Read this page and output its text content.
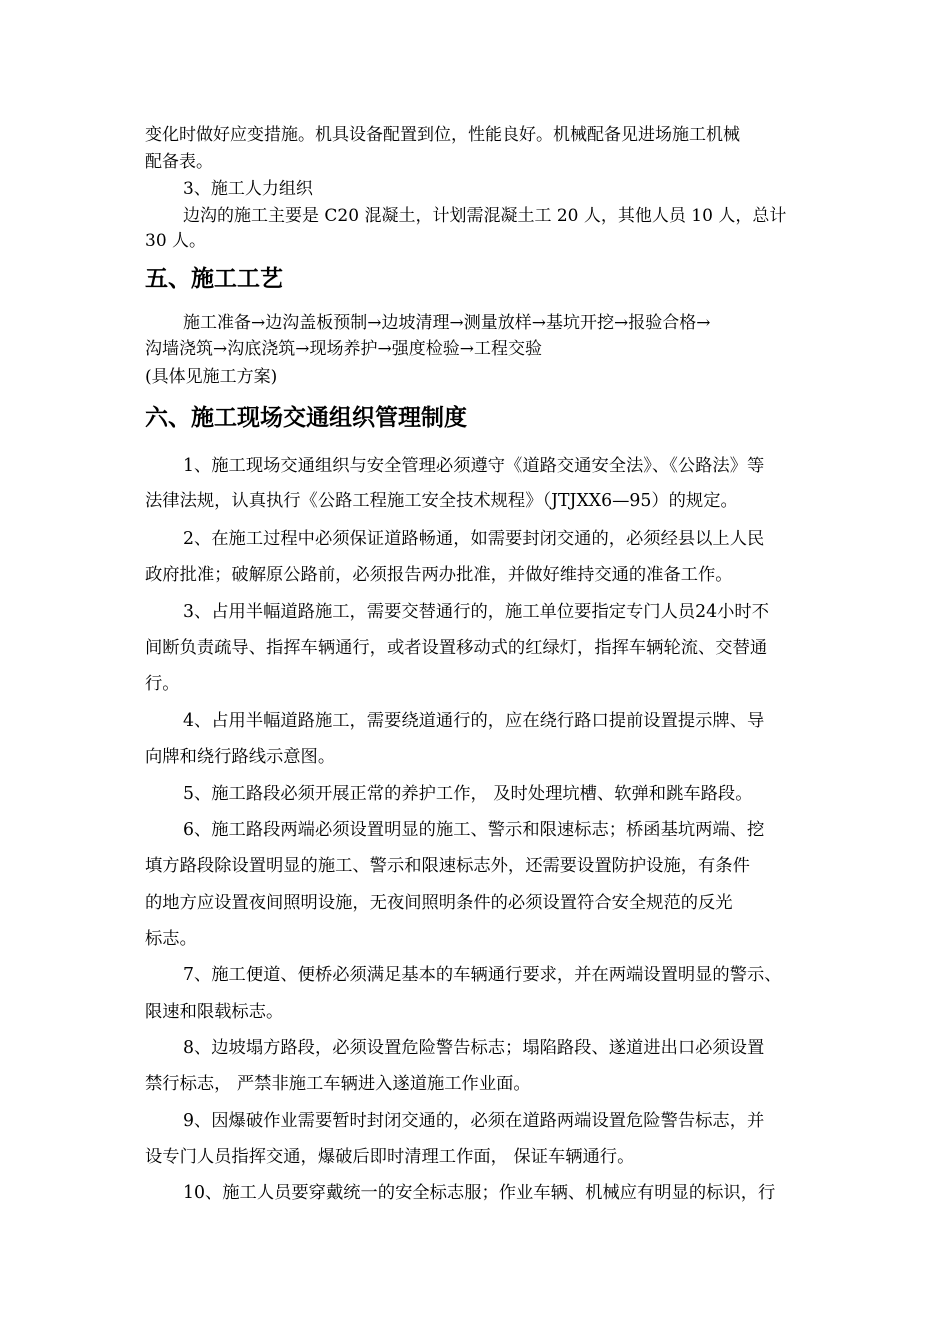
变化时做好应变措施。机具设备配置到位，性能良好。机械配备见进场施工机械
配备表。
3、施工人力组织
边沟的施工主要是 C20 混凝土，计划需混凝土工 20 人，其他人员 10 人，总计
30 人。
五、施工工艺
施工准备→边沟盖板预制→边坡清理→测量放样→基坑开挖→报验合格→
沟墙浇筑→沟底浇筑→现场养护→强度检验→工程交验
(具体见施工方案)
六、施工现场交通组织管理制度
1、施工现场交通组织与安全管理必须遵守《道路交通安全法》、《公路法》等
法律法规，认真执行《公路工程施工安全技术规程》（JTJXX6—95）的规定。
2、在施工过程中必须保证道路畅通，如需要封闭交通的，必须经县以上人民
政府批准；破解原公路前，必须报告两办批准，并做好维持交通的准备工作。
3、占用半幅道路施工，需要交替通行的，施工单位要指定专门人员24小时不
间断负责疏导、指挥车辆通行，或者设置移动式的红绿灯，指挥车辆轮流、交替通
行。
4、占用半幅道路施工，需要绕道通行的，应在绕行路口提前设置提示牌、导
向牌和绕行路线示意图。
5、施工路段必须开展正常的养护工作， 及时处理坑槽、软弹和跳车路段。
6、施工路段两端必须设置明显的施工、警示和限速标志；桥函基坑两端、挖
填方路段除设置明显的施工、警示和限速标志外，还需要设置防护设施，有条件
的地方应设置夜间照明设施，无夜间照明条件的必须设置符合安全规范的反光
标志。
7、施工便道、便桥必须满足基本的车辆通行要求，并在两端设置明显的警示、
限速和限载标志。
8、边坡塌方路段，必须设置危险警告标志；塌陷路段、遂道进出口必须设置
禁行标志， 严禁非施工车辆进入遂道施工作业面。
9、因爆破作业需要暂时封闭交通的，必须在道路两端设置危险警告标志，并
设专门人员指挥交通，爆破后即时清理工作面， 保证车辆通行。
10、施工人员要穿戴统一的安全标志服；作业车辆、机械应有明显的标识，行
